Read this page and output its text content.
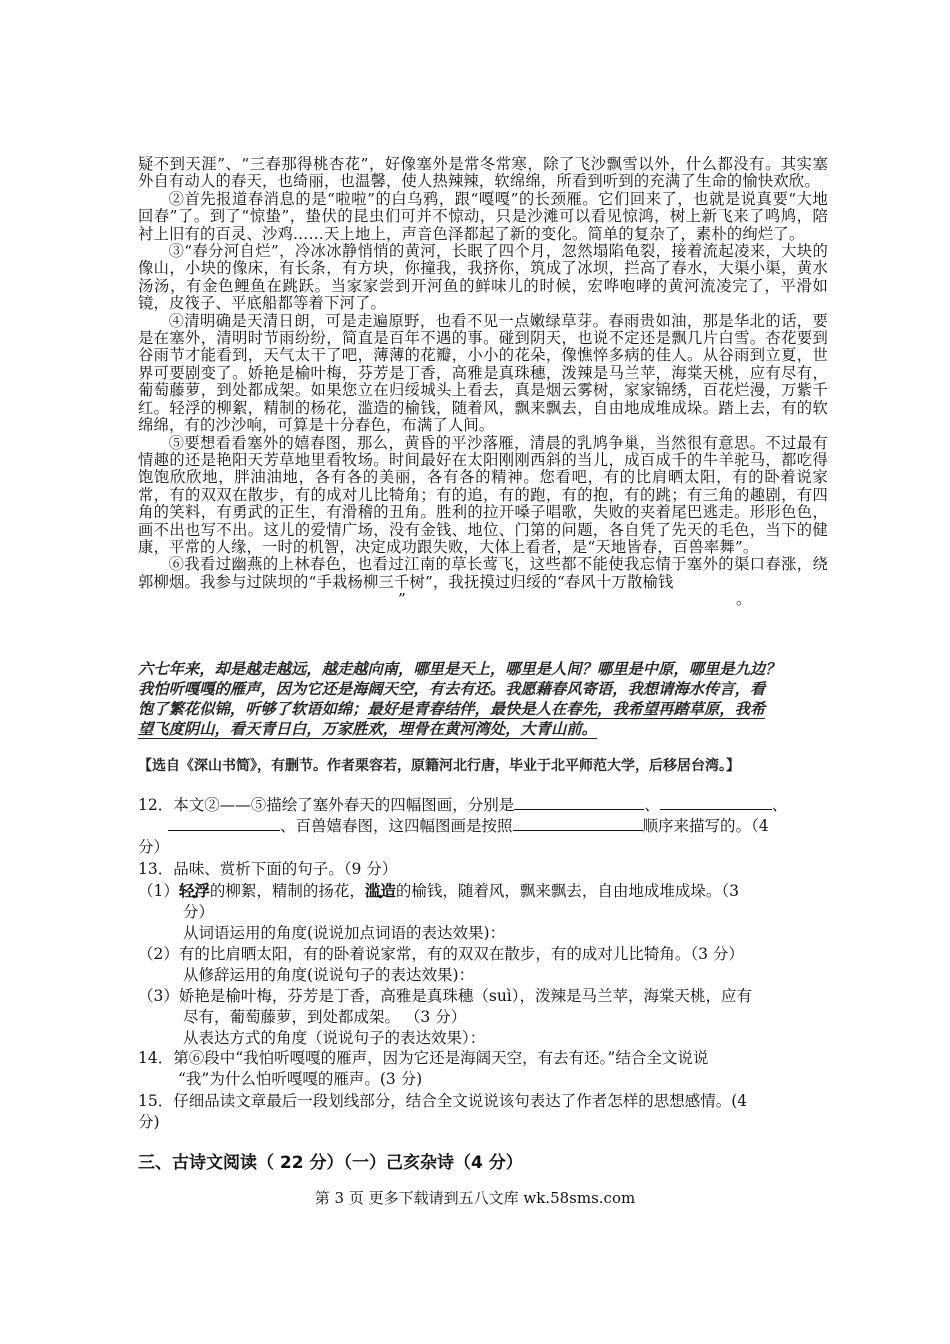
疑不到天涯”、“三春那得桃杏花”，好像塞外是常冬常寒，除了飞沙飘雪以外，什么都没有。其实塞外自有动人的春天，也绮丽，也温馨，使人热辣辣，软绵绵，所看到听到的充满了生命的愉快欢欣。

②首先报道春消息的是“啦啦”的白乌鸦，跟“嘎嘎”的长颈雁。它们回来了，也就是说真要“大地回春”了。到了“惊蛰”，蛰伏的昆虫们可并不惊动，只是沙滩可以看见惊鸿，树上新飞来了鸣鸠，陪衬上旧有的百灵、沙鸡……天上地上，声音色泽都起了新的变化。简单的复杂了，素朴的绚烂了。

③“春分河自烂”，冷冰冰静悄悄的黄河，长眠了四个月，忽然塌陷龟裂，接着流起凌来，大块的像山，小块的像床，有长条，有方块，你撞我，我挤你，筑成了冰坝，拦高了春水，大渠小渠，黄水汤汤，有金色鲤鱼在跳跃。当家家尝到开河鱼的鲜味儿的时候，宏哗咆哮的黄河流凌完了，平滑如镜，皮筏子、平底船都等着下河了。

④清明确是天清日朗，可是走遍原野，也看不见一点嫩绿草芽。春雨贵如油，那是华北的话，要是在塞外，清明时节雨纷纷，简直是百年不遇的事。碰到阴天，也说不定还是飘几片白雪。杏花要到谷雨节才能看到，天气太干了吧，薄薄的花瓣，小小的花朵，像憔悴多病的佳人。从谷雨到立夏，世界可要剧变了。娇艳是榆叶梅，芬芳是丁香，高雅是真珠穗，泼辣是马兰苹，海棠天桃，应有尽有，葡萄藤萝，到处都成架。如果您立在归绥城头上看去，真是烟云雾树，家家锦绣，百花烂漫，万紫千红。轻浮的柳絮，精制的杨花，滥造的榆钱，随着风，飘来飘去，自由地成堆成垛。踏上去，有的软绵绵，有的沙沙响，可算是十分春色，布满了人间。

⑤要想看看塞外的嬉春图，那么，黄昏的平沙落雁，清晨的乳鸠争巢，当然很有意思。不过最有情趣的还是艳阳天芳草地里看牧场。时间最好在太阳刚刚西斜的当儿，成百成千的牛羊驼马，都吃得饱饱欣欣地，胖油油地，各有各的美丽，各有各的精神。您看吧，有的比肩晒太阳，有的卧着说家常，有的双双在散步，有的成对儿比犄角；有的追，有的跑，有的抱，有的跳；有三角的趣剧，有四角的笑料，有勇武的正生，有滑稽的丑角。胜利的拉开嗓子唱歌，失败的夹着尾巴逃走。形形色色，画不出也写不出。这儿的爱情广场，没有金钱、地位、门第的问题，各自凭了先天的毛色，当下的健康，平常的人缘，一时的机智，决定成功跟失败，大体上看者，是“天地皆春，百兽率舞”。

⑥我看过幽燕的上林春色，也看过江南的草长莺飞，这些都不能使我忘情于塞外的渠口春涨，绕郭柳烟。我参与过陕坝的“手栽杨柳三千树”，我抚摸过归绥的“春风十万散榆钱
”	。

六七年来，却是越走越远，越走越向南，哪里是天上，哪里是人间？哪里是中原，哪里是九边？

我怕听嘎嘎的雁声，因为它还是海阔天空，有去有还。我愿藉春风寄语，我想请海水传言，看

饱了繁花似锦，听够了软语如绵；最好是青春结伴，最快是人在春先，我希望再踏草原，我希

望飞度阴山，看天青日白，万家胜欢，埋骨在黄河湾处，大青山前。

【选自《深山书简》，有删节。作者栗容若，原籍河北行唐，毕业于北平师范大学，后移居台湾。】

12．本文②——⑤描绘了塞外春天的四幅图画，分别是	、	、
、百兽嬉春图，这四幅图画是按照	顺序来描写的。（4
分）
13．品味、赏析下面的句子。（9 分）
（1）轻浮的柳絮，精制的扬花，滥造的榆钱，随着风，飘来飘去，自由地成堆成垛。（3
分）
从词语运用的角度(说说加点词语的表达效果)：
（2）有的比肩晒太阳，有的卧着说家常，有的双双在散步，有的成对儿比犄角。（3 分）
从修辞运用的角度(说说句子的表达效果)：
（3）娇艳是榆叶梅，芬芳是丁香，高雅是真珠穗（suì），泼辣是马兰苹，海棠天桃，应有
尽有，葡萄藤萝，到处都成架。 （3 分）
从表达方式的角度（说说句子的表达效果）：
14．第⑥段中“我怕听嘎嘎的雁声，因为它还是海阔天空，有去有还。”结合全文说说
“我”为什么怕听嘎嘎的雁声。(3 分)
15．仔细品读文章最后一段划线部分，结合全文说说该句表达了作者怎样的思想感情。(4
分)
三、古诗文阅读（ 22 分）（一）己亥杂诗（4 分）

第 3 页 更多下载请到五八文库 wk.58sms.com
